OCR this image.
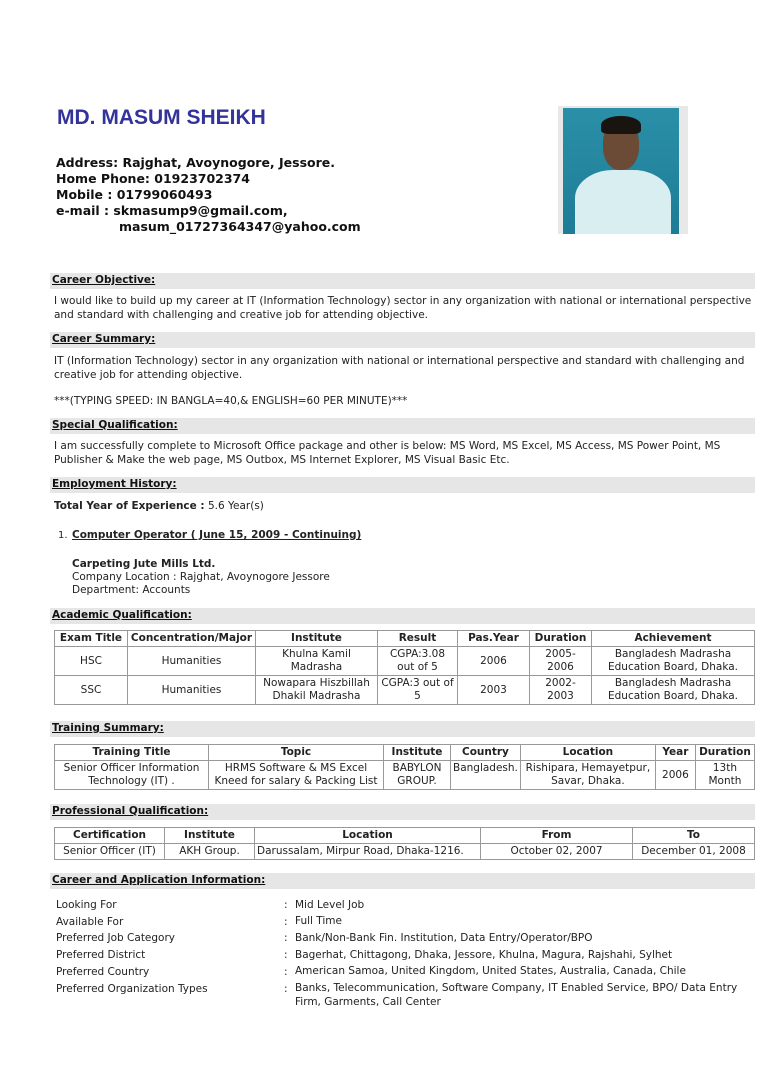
MD. MASUM SHEIKH
Address: Rajghat, Avoynogore, Jessore.
Home Phone: 01923702374
Mobile : 01799060493
e-mail : skmasump9@gmail.com,
masum_01727364347@yahoo.com
Career Objective:
I would like to build up my career at IT (Information Technology) sector in any organization with national or international perspective and standard with challenging and creative job for attending objective.
Career Summary:
IT (Information Technology) sector in any organization with national or international perspective and standard with challenging and creative job for attending objective.
***(TYPING SPEED: IN BANGLA=40,& ENGLISH=60 PER MINUTE)***
Special Qualification:
I am successfully complete to Microsoft Office package and other is below: MS Word, MS Excel, MS Access, MS Power Point, MS Publisher & Make the web page, MS Outbox, MS Internet Explorer, MS Visual Basic Etc.
Employment History:
Total Year of Experience : 5.6 Year(s)
1. Computer Operator ( June 15, 2009 - Continuing)
Carpeting Jute Mills Ltd.
Company Location : Rajghat, Avoynogore Jessore
Department: Accounts
Academic Qualification:
Exam Title	Concentration/Major	Institute	Result	Pas.Year	Duration	Achievement
HSC	Humanities	Khulna Kamil Madrasha	CGPA:3.08 out of 5	2006	2005-2006	Bangladesh Madrasha Education Board, Dhaka.
SSC	Humanities	Nowapara Hiszbillah Dhakil Madrasha	CGPA:3 out of 5	2003	2002-2003	Bangladesh Madrasha Education Board, Dhaka.
Training Summary:
Training Title	Topic	Institute	Country	Location	Year	Duration
Senior Officer Information Technology (IT) .	HRMS Software & MS Excel Kneed for salary & Packing List	BABYLON GROUP.	Bangladesh.	Rishipara, Hemayetpur, Savar, Dhaka.	2006	13th Month
Professional Qualification:
Certification	Institute	Location	From	To
Senior Officer (IT)	AKH Group.	Darussalam, Mirpur Road, Dhaka-1216.	October 02, 2007	December 01, 2008
Career and Application Information:
Looking For	: Mid Level Job
Available For	: Full Time
Preferred Job Category	: Bank/Non-Bank Fin. Institution, Data Entry/Operator/BPO
Preferred District	: Bagerhat, Chittagong, Dhaka, Jessore, Khulna, Magura, Rajshahi, Sylhet
Preferred Country	: American Samoa, United Kingdom, United States, Australia, Canada, Chile
Preferred Organization Types	: Banks, Telecommunication, Software Company, IT Enabled Service, BPO/ Data Entry Firm, Garments, Call Center
